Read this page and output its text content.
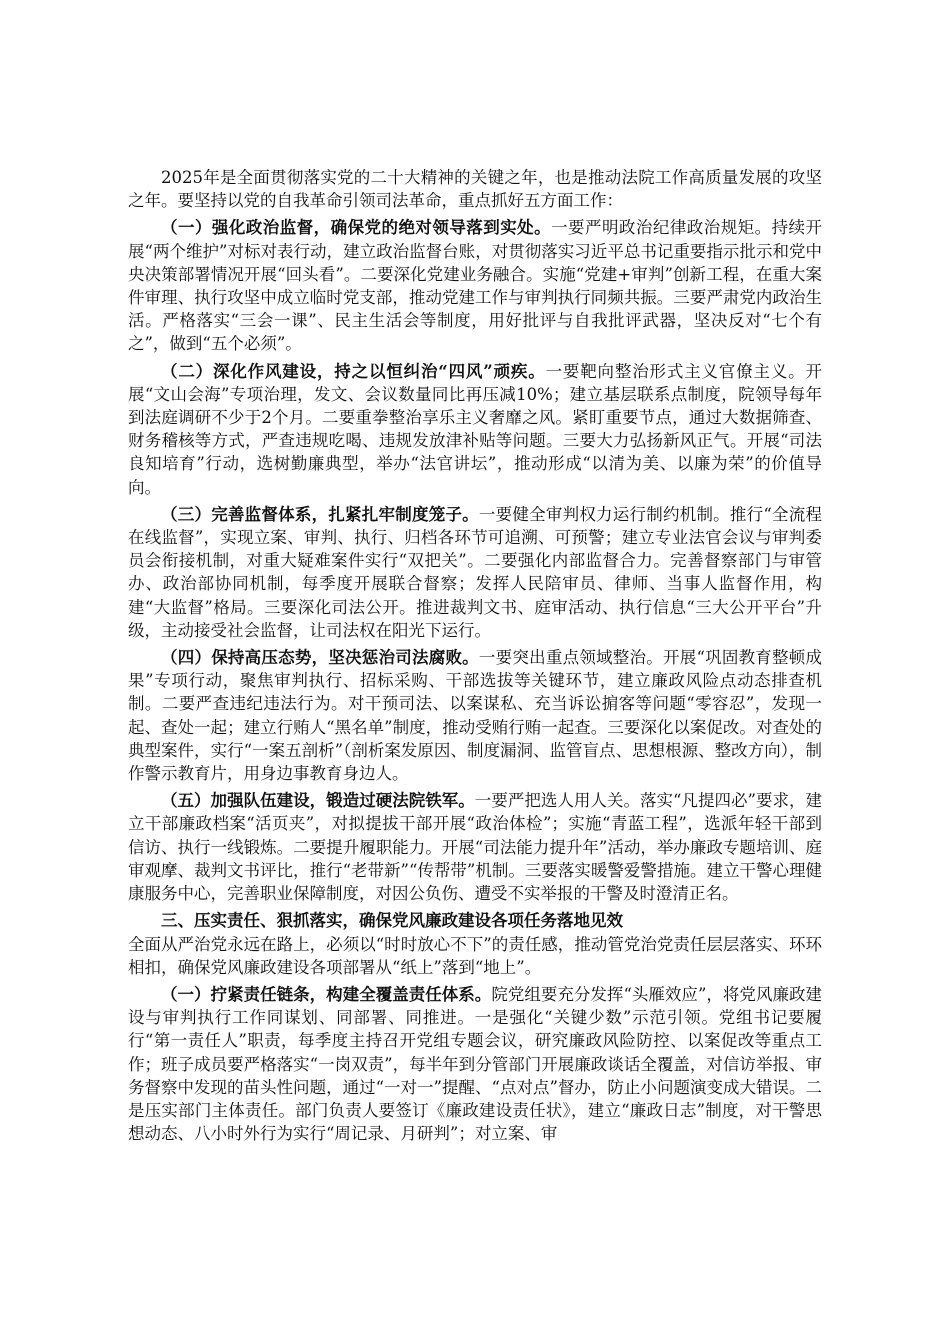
2025年是全面贯彻落实党的二十大精神的关键之年，也是推动法院工作高质量发展的攻坚之年。要坚持以党的自我革命引领司法革命，重点抓好五方面工作：

（一）强化政治监督，确保党的绝对领导落到实处。一要严明政治纪律政治规矩。持续开展“两个维护”对标对表行动，建立政治监督台账，对贯彻落实习近平总书记重要指示批示和党中央决策部署情况开展“回头看”。二要深化党建业务融合。实施“党建+审判”创新工程，在重大案件审理、执行攻坚中成立临时党支部，推动党建工作与审判执行同频共振。三要严肃党内政治生活。严格落实“三会一课”、民主生活会等制度，用好批评与自我批评武器，坚决反对“七个有之”，做到“五个必须”。

（二）深化作风建设，持之以恒纠治“四风”顽疾。一要靶向整治形式主义官僚主义。开展“文山会海”专项治理，发文、会议数量同比再压减10%；建立基层联系点制度，院领导每年到法庭调研不少于2个月。二要重拳整治享乐主义奢靡之风。紧盯重要节点，通过大数据筛查、财务稽核等方式，严查违规吃喝、违规发放津补贴等问题。三要大力弘扬新风正气。开展“司法良知培育”行动，选树勤廉典型，举办“法官讲坛”，推动形成“以清为美、以廉为荣”的价值导向。

（三）完善监督体系，扎紧扎牢制度笼子。一要健全审判权力运行制约机制。推行“全流程在线监督”，实现立案、审判、执行、归档各环节可追溯、可预警；建立专业法官会议与审判委员会衔接机制，对重大疑难案件实行“双把关”。二要强化内部监督合力。完善督察部门与审管办、政治部协同机制，每季度开展联合督察；发挥人民陪审员、律师、当事人监督作用，构建“大监督”格局。三要深化司法公开。推进裁判文书、庭审活动、执行信息“三大公开平台”升级，主动接受社会监督，让司法权在阳光下运行。

（四）保持高压态势，坚决惩治司法腐败。一要突出重点领域整治。开展“巩固教育整顿成果”专项行动，聚焦审判执行、招标采购、干部选拔等关键环节，建立廉政风险点动态排查机制。二要严查违纪违法行为。对干预司法、以案谋私、充当诉讼掮客等问题“零容忍”，发现一起、查处一起；建立行贿人“黑名单”制度，推动受贿行贿一起查。三要深化以案促改。对查处的典型案件，实行“一案五剖析”（剖析案发原因、制度漏洞、监管盲点、思想根源、整改方向），制作警示教育片，用身边事教育身边人。

（五）加强队伍建设，锻造过硬法院铁军。一要严把选人用人关。落实“凡提四必”要求，建立干部廉政档案“活页夹”，对拟提拔干部开展“政治体检”；实施“青蓝工程”，选派年轻干部到信访、执行一线锻炼。二要提升履职能力。开展“司法能力提升年”活动，举办廉政专题培训、庭审观摩、裁判文书评比，推行“老带新”“传帮带”机制。三要落实暖警爱警措施。建立干警心理健康服务中心，完善职业保障制度，对因公负伤、遭受不实举报的干警及时澄清正名。

三、压实责任、狠抓落实，确保党风廉政建设各项任务落地见效

全面从严治党永远在路上，必须以“时时放心不下”的责任感，推动管党治党责任层层落实、环环相扣，确保党风廉政建设各项部署从“纸上”落到“地上”。

（一）拧紧责任链条，构建全覆盖责任体系。院党组要充分发挥“头雁效应”，将党风廉政建设与审判执行工作同谋划、同部署、同推进。一是强化“关键少数”示范引领。党组书记要履行“第一责任人”职责，每季度主持召开党组专题会议，研究廉政风险防控、以案促改等重点工作；班子成员要严格落实“一岗双责”，每半年到分管部门开展廉政谈话全覆盖，对信访举报、审务督察中发现的苗头性问题，通过“一对一”提醒、“点对点”督办，防止小问题演变成大错误。二是压实部门主体责任。部门负责人要签订《廉政建设责任状》，建立“廉政日志”制度，对干警思想动态、八小时外行为实行“周记录、月研判”；对立案、审
